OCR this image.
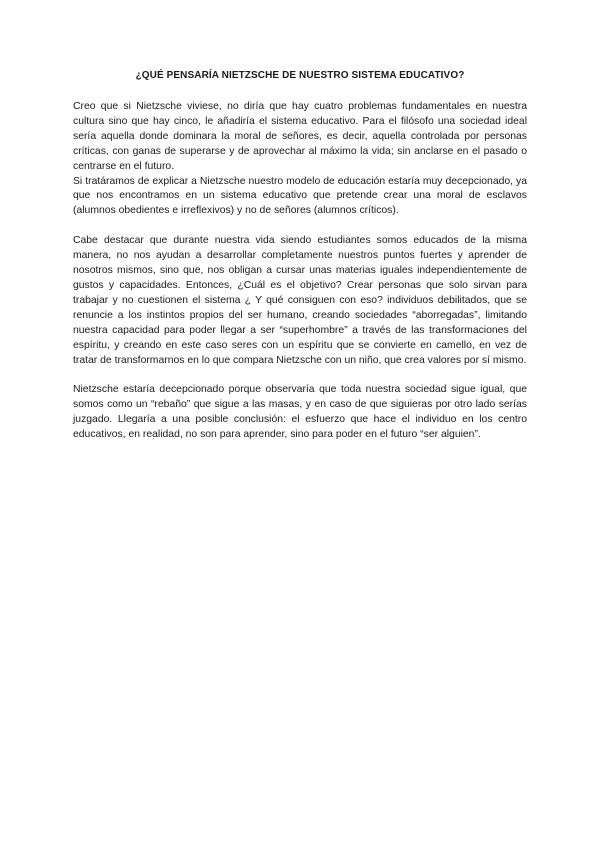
¿QUÉ PENSARÍA NIETZSCHE DE NUESTRO SISTEMA EDUCATIVO?

Creo que si Nietzsche viviese, no diría que hay cuatro problemas fundamentales en nuestra cultura sino que hay cinco, le añadiría el sistema educativo. Para el filósofo una sociedad ideal sería aquella donde dominara la moral de señores, es decir, aquella controlada por personas críticas, con ganas de superarse y de aprovechar al máximo la vida; sin anclarse en el pasado o centrarse en el futuro.

Si tratáramos de explicar a Nietzsche nuestro modelo de educación estaría muy decepcionado, ya que nos encontramos en un sistema educativo que pretende crear una moral de esclavos (alumnos obedientes e irreflexivos) y no de señores (alumnos críticos).

Cabe destacar que durante nuestra vida siendo estudiantes somos educados de la misma manera, no nos ayudan a desarrollar completamente nuestros puntos fuertes y aprender de nosotros mismos, sino que, nos obligan a cursar unas materias iguales independientemente de gustos y capacidades. Entonces, ¿Cuál es el objetivo? Crear personas que solo sirvan para trabajar y no cuestionen el sistema ¿ Y qué consiguen con eso? individuos debilitados, que se renuncie a los instintos propios del ser humano, creando sociedades “aborregadas”, limitando nuestra capacidad para poder llegar a ser “superhombre” a través de las transformaciones del espíritu, y creando en este caso seres con un espíritu que se convierte en camello, en vez de tratar de transformarnos en lo que compara Nietzsche con un niño, que crea valores por sí mismo.

Nietzsche estaría decepcionado porque observaría que toda nuestra sociedad sigue igual, que somos como un “rebaño” que sigue a las masas, y en caso de que siguieras por otro lado serías juzgado. Llegaría a una posible conclusión: el esfuerzo que hace el individuo en los centro educativos, en realidad, no son para aprender, sino para poder en el futuro “ser alguien”.
